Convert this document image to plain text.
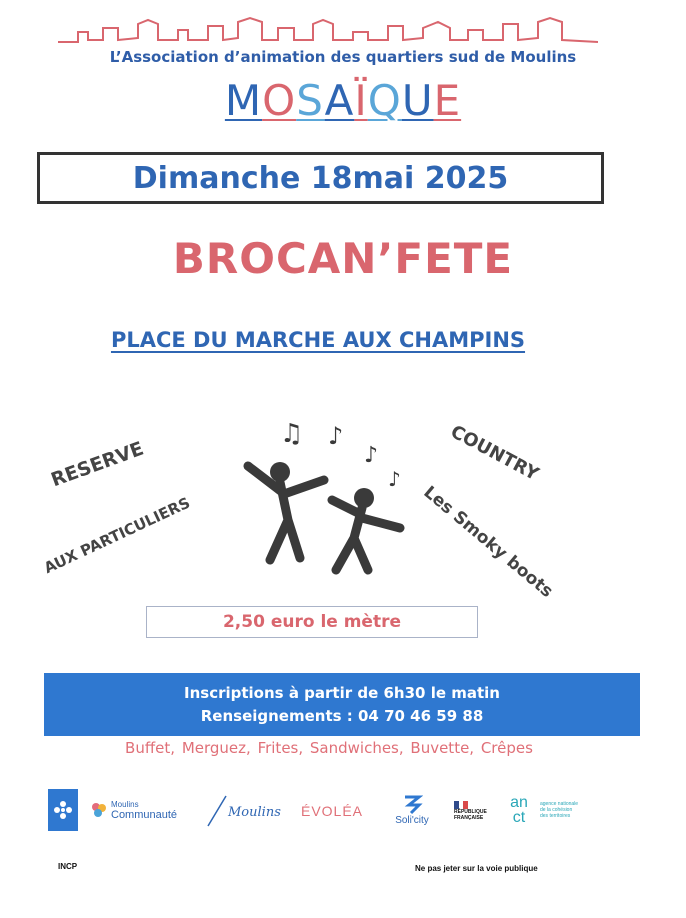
L’Association d’animation des quartiers sud de Moulins
MOSAÏQUE
Dimanche 18mai 2025
BROCAN’FETE
PLACE DU MARCHE AUX CHAMPINS
RESERVE
AUX PARTICULIERS
COUNTRY
Les Smoky boots
♫ ♪
♪
♪
2,50 euro le mètre
Inscriptions à partir de 6h30 le matin
Renseignements : 04 70 46 59 88
Buffet, Merguez, Frites, Sandwiches, Buvette, Crêpes
Moulins
Communauté	Moulins ÉVOLÉA
Soli'city
RÉPUBLIQUE
FRANÇAISE
an ct
agence nationale
de la cohésion
des territoires
INCP	Ne pas jeter sur la voie publique
